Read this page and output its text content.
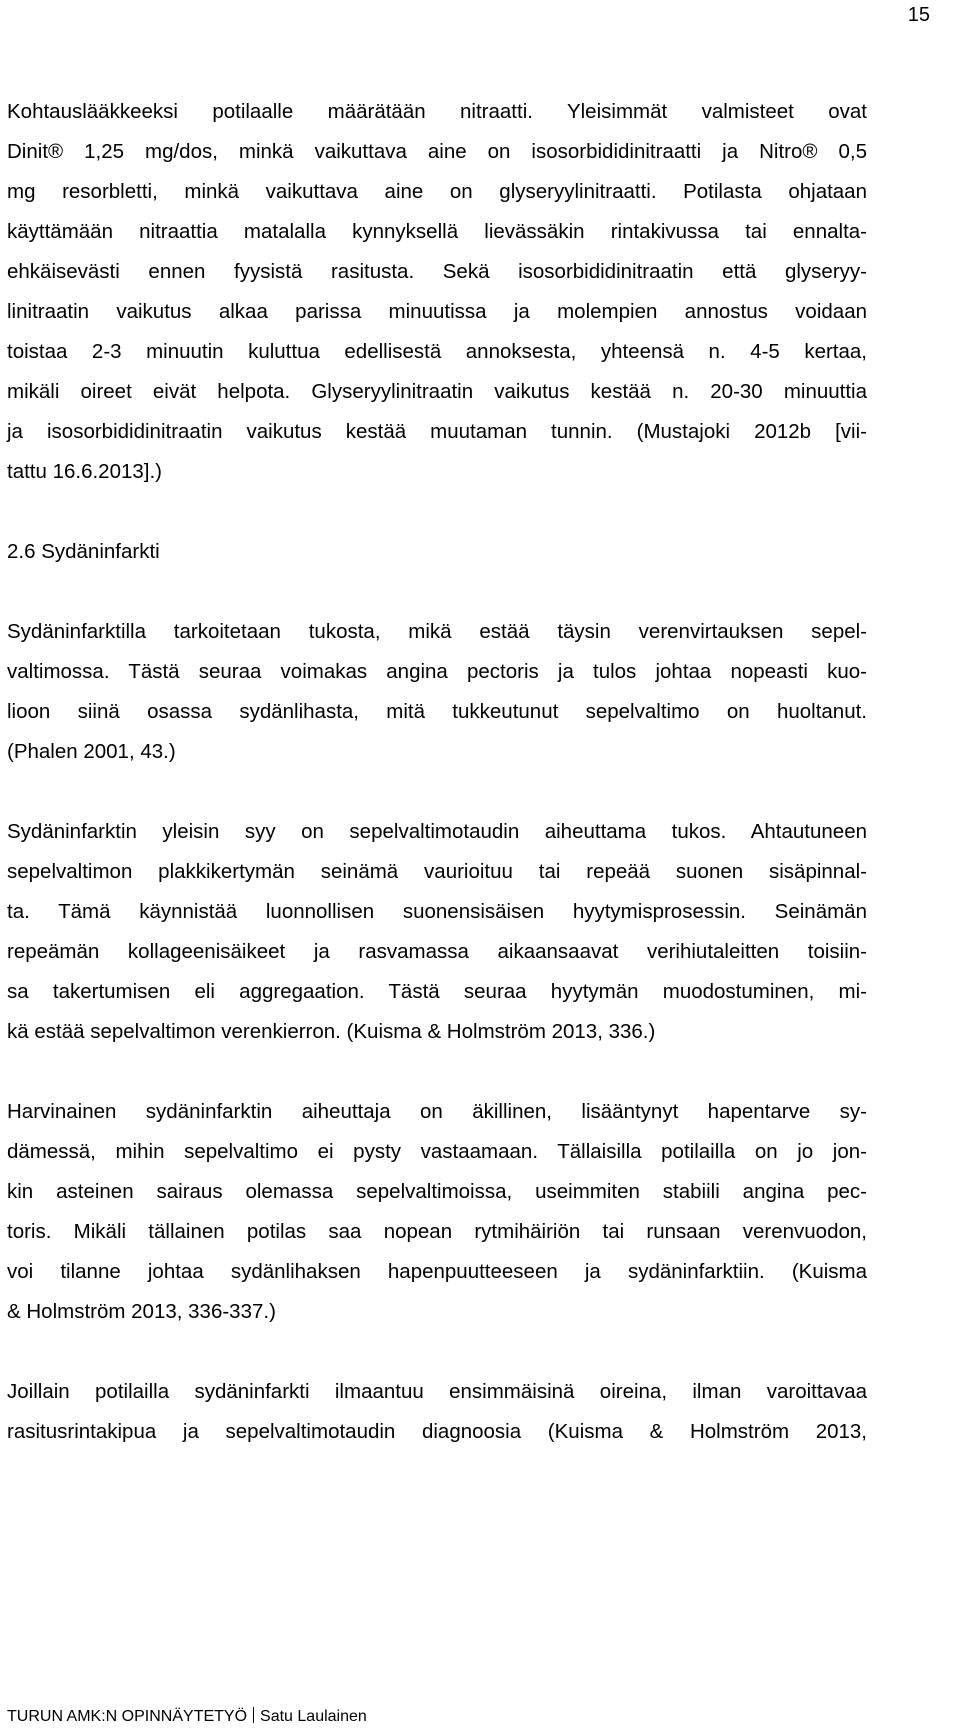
15
Kohtauslääkkeeksi potilaalle määrätään nitraatti. Yleisimmät valmisteet ovat
Dinit® 1,25 mg/dos, minkä vaikuttava aine on isosorbididinitraatti ja Nitro® 0,5
mg resorbletti, minkä vaikuttava aine on glyseryylinitraatti. Potilasta ohjataan
käyttämään nitraattia matalalla kynnyksellä lievässäkin rintakivussa tai ennalta-
ehkäisevästi ennen fyysistä rasitusta. Sekä isosorbididinitraatin että glyseryy-
linitraatin vaikutus alkaa parissa minuutissa ja molempien annostus voidaan
toistaa 2-3 minuutin kuluttua edellisestä annoksesta, yhteensä n. 4-5 kertaa,
mikäli oireet eivät helpota. Glyseryylinitraatin vaikutus kestää n. 20-30 minuuttia
ja isosorbididinitraatin vaikutus kestää muutaman tunnin. (Mustajoki 2012b [vii-
tattu 16.6.2013].)
2.6 Sydäninfarkti
Sydäninfarktilla tarkoitetaan tukosta, mikä estää täysin verenvirtauksen sepel-
valtimossa. Tästä seuraa voimakas angina pectoris ja tulos johtaa nopeasti kuo-
lioon siinä osassa sydänlihasta, mitä tukkeutunut sepelvaltimo on huoltanut.
(Phalen 2001, 43.)
Sydäninfarktin yleisin syy on sepelvaltimotaudin aiheuttama tukos. Ahtautuneen
sepelvaltimon plakkikertymän seinämä vaurioituu tai repeää suonen sisäpinnal-
ta. Tämä käynnistää luonnollisen suonensisäisen hyytymisprosessin. Seinämän
repeämän kollageenisäikeet ja rasvamassa aikaansaavat verihiutaleitten toisiin-
sa takertumisen eli aggregaation. Tästä seuraa hyytymän muodostuminen, mi-
kä estää sepelvaltimon verenkierron. (Kuisma & Holmström 2013, 336.)
Harvinainen sydäninfarktin aiheuttaja on äkillinen, lisääntynyt hapentarve sy-
dämessä, mihin sepelvaltimo ei pysty vastaamaan. Tällaisilla potilailla on jo jon-
kin asteinen sairaus olemassa sepelvaltimoissa, useimmiten stabiili angina pec-
toris. Mikäli tällainen potilas saa nopean rytmihäiriön tai runsaan verenvuodon,
voi tilanne johtaa sydänlihaksen hapenpuutteeseen ja sydäninfarktiin. (Kuisma
& Holmström 2013, 336-337.)
Joillain potilailla sydäninfarkti ilmaantuu ensimmäisinä oireina, ilman varoittavaa
rasitusrintakipua ja sepelvaltimotaudin diagnoosia (Kuisma & Holmström 2013,
TURUN AMK:N OPINNÄYTETYÖ Satu Laulainen
